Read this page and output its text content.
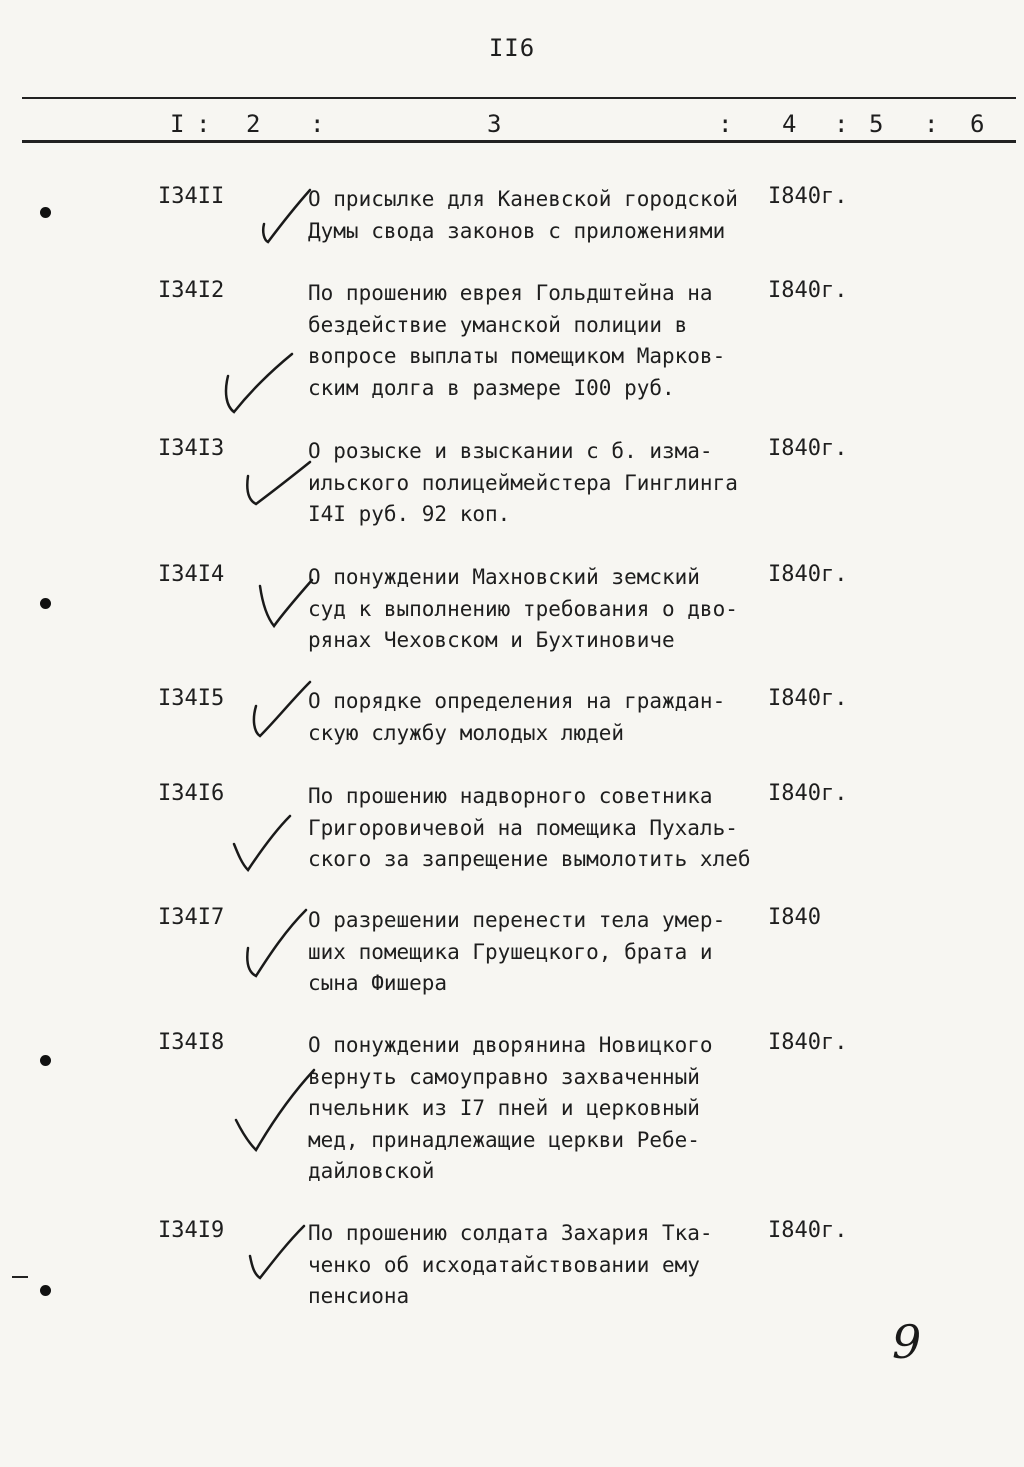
II6
I : 2 :	3	: 4 : 5 : 6
I34II	О присылке для Каневской городской
Думы свода законов с приложениями
I840г.
I34I2	По прошению еврея Гольдштейна на
бездействие уманской полиции в
вопросе выплаты помещиком Марков-
ским долга в размере I00 руб.
I840г.
I34I3	О розыске и взыскании с б. изма-
ильского полицеймейстера Гинглинга
I4I руб. 92 коп.
I840г.
I34I4	О понуждении Махновский земский
суд к выполнению требования о дво-
рянах Чеховском и Бухтиновиче
I840г.
I34I5	О порядке определения на граждан-
скую службу молодых людей
I840г.
I34I6	По прошению надворного советника
Григоровичевой на помещика Пухаль-
ского за запрещение вымолотить хлеб
I840г.
I34I7	О разрешении перенести тела умер-
ших помещика Грушецкого, брата и
сына Фишера
I840
I34I8	О понуждении дворянина Новицкого
вернуть самоуправно захваченный
пчельник из I7 пней и церковный
мед, принадлежащие церкви Ребе-
дайловской
I840г.
I34I9	По прошению солдата Захария Тка-
ченко об исходатайствовании ему
пенсиона
I840г.
9
